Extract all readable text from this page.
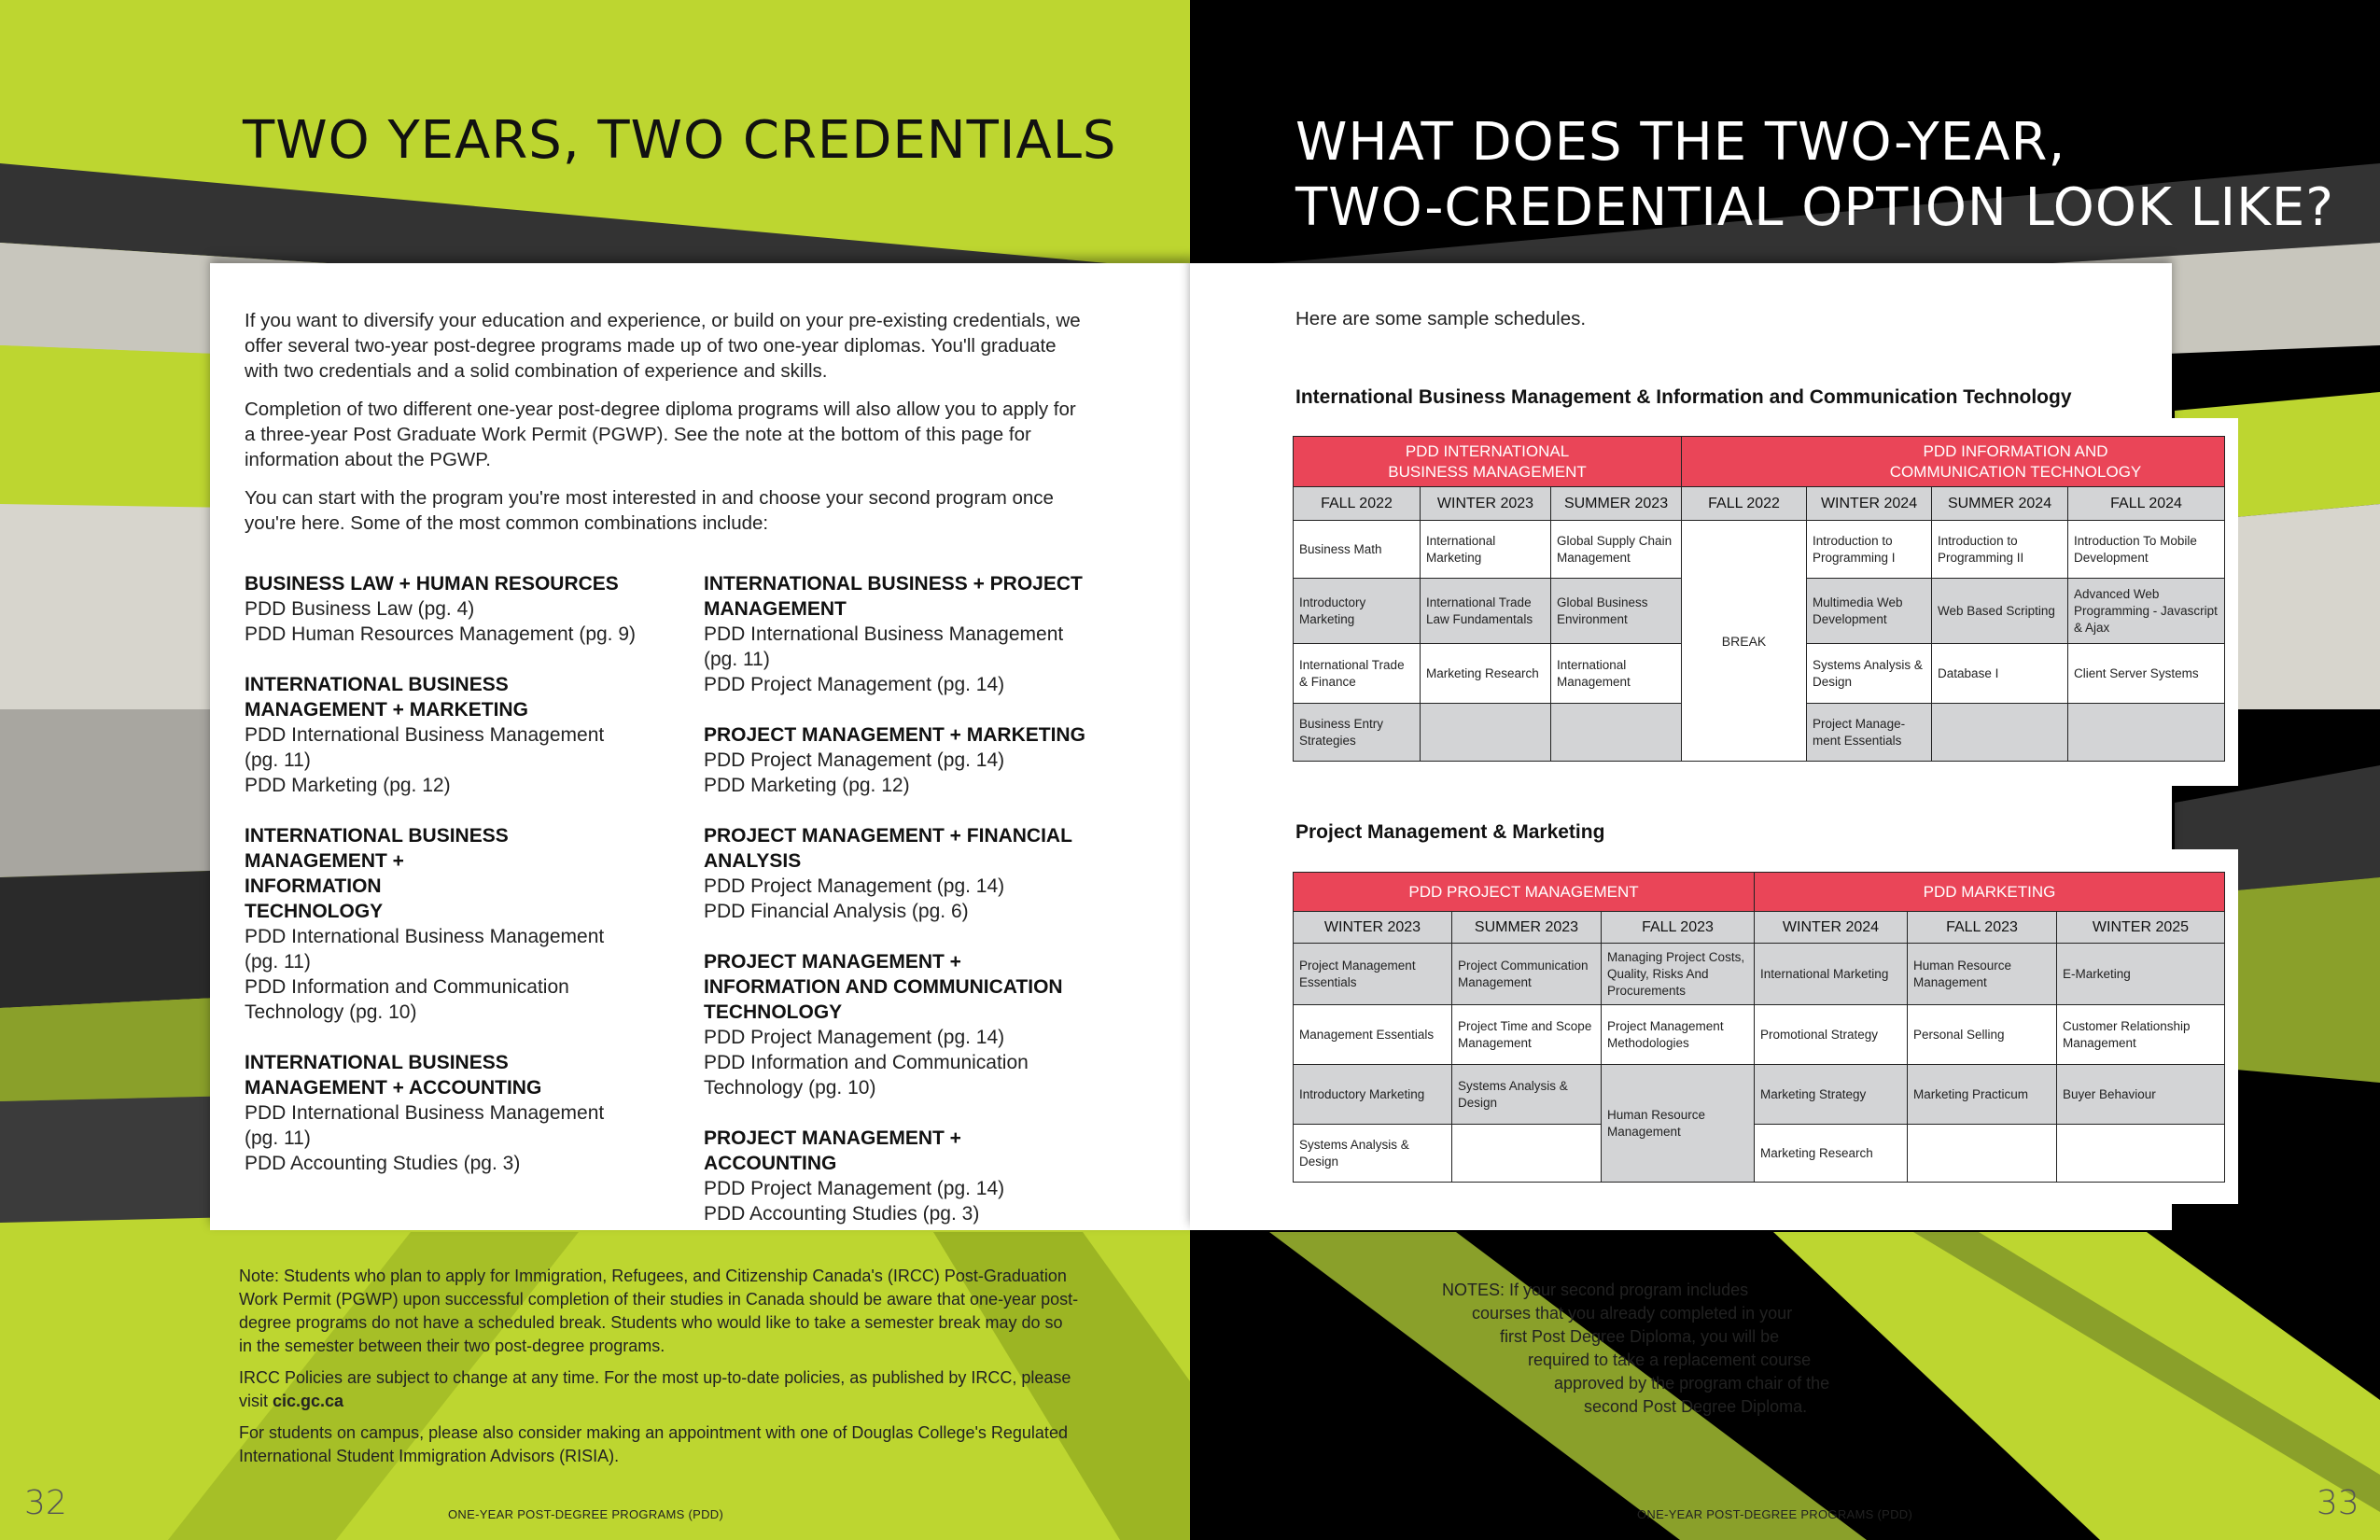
TWO YEARS, TWO CREDENTIALS	WHAT DOES THE TWO-YEAR,
TWO-CREDENTIAL OPTION LOOK LIKE?

If you want to diversify your education and experience, or build on your pre-existing credentials, we offer several two-year post-degree programs made up of two one-year diplomas. You'll graduate with two credentials and a solid combination of experience and skills.

Completion of two different one-year post-degree diploma programs will also allow you to apply for a three-year Post Graduate Work Permit (PGWP). See the note at the bottom of this page for information about the PGWP.

You can start with the program you're most interested in and choose your second program once you're here. Some of the most common combinations include:

BUSINESS LAW + HUMAN RESOURCES
PDD Business Law (pg. 4)
PDD Human Resources Management (pg. 9)
INTERNATIONAL BUSINESS MANAGEMENT + MARKETING
PDD International Business Management (pg. 11)
PDD Marketing (pg. 12)
INTERNATIONAL BUSINESS MANAGEMENT + INFORMATION TECHNOLOGY
PDD International Business Management (pg. 11)
PDD Information and Communication Technology (pg. 10)
INTERNATIONAL BUSINESS MANAGEMENT + ACCOUNTING
PDD International Business Management (pg. 11)
PDD Accounting Studies (pg. 3)
INTERNATIONAL BUSINESS + PROJECT MANAGEMENT
PDD International Business Management (pg. 11)
PDD Project Management (pg. 14)
PROJECT MANAGEMENT + MARKETING
PDD Project Management (pg. 14)
PDD Marketing (pg. 12)
PROJECT MANAGEMENT + FINANCIAL ANALYSIS
PDD Project Management (pg. 14)
PDD Financial Analysis (pg. 6)
PROJECT MANAGEMENT + INFORMATION AND COMMUNICATION TECHNOLOGY
PDD Project Management (pg. 14)
PDD Information and Communication Technology (pg. 10)
PROJECT MANAGEMENT + ACCOUNTING
PDD Project Management (pg. 14)
PDD Accounting Studies (pg. 3)

Here are some sample schedules.

International Business Management & Information and Communication Technology

PDD INTERNATIONAL
BUSINESS MANAGEMENT			PDD INFORMATION AND
COMMUNICATION TECHNOLOGY			
FALL 2022	WINTER 2023	SUMMER 2023	FALL 2022	WINTER 2024	SUMMER 2024	FALL 2024
Business Math	International Marketing	Global Supply Chain Management	BREAK	Introduction to Programming I	Introduction to Programming II	Introduction To Mobile Development
Introductory Marketing	International Trade Law Fundamentals	Global Business Environment		Multimedia Web Development	Web Based Scripting	Advanced Web Programming - Javascript & Ajax
International Trade & Finance	Marketing Research	International Management		Systems Analysis & Design	Database I	Client Server Systems
Business Entry Strategies				Project Manage-ment Essentials		

Project Management & Marketing

PDD PROJECT MANAGEMENT			PDD MARKETING		
WINTER 2023	SUMMER 2023	FALL 2023	WINTER 2024	FALL 2023	WINTER 2025
Project Management Essentials	Project Communication Management	Managing Project Costs, Quality, Risks And Procurements	International Marketing	Human Resource Management	E-Marketing
Management Essentials	Project Time and Scope Management	Project Management Methodologies	Promotional Strategy	Personal Selling	Customer Relationship Management
Introductory Marketing	Systems Analysis & Design	Human Resource Management	Marketing Strategy	Marketing Practicum	Buyer Behaviour
Systems Analysis & Design			Marketing Research		

Note: Students who plan to apply for Immigration, Refugees, and Citizenship Canada's (IRCC) Post-Graduation Work Permit (PGWP) upon successful completion of their studies in Canada should be aware that one-year post-degree programs do not have a scheduled break. Students who would like to take a semester break may do so in the semester between their two post-degree programs.

IRCC Policies are subject to change at any time. For the most up-to-date policies, as published by IRCC, please visit cic.gc.ca

For students on campus, please also consider making an appointment with one of Douglas College's Regulated International Student Immigration Advisors (RISIA).

NOTES: If your second program includes
courses that you already completed in your
first Post Degree Diploma, you will be
required to take a replacement course
approved by the program chair of the
second Post Degree Diploma.
32	ONE-YEAR POST-DEGREE PROGRAMS (PDD)	33
ONE-YEAR POST-DEGREE PROGRAMS (PDD)
